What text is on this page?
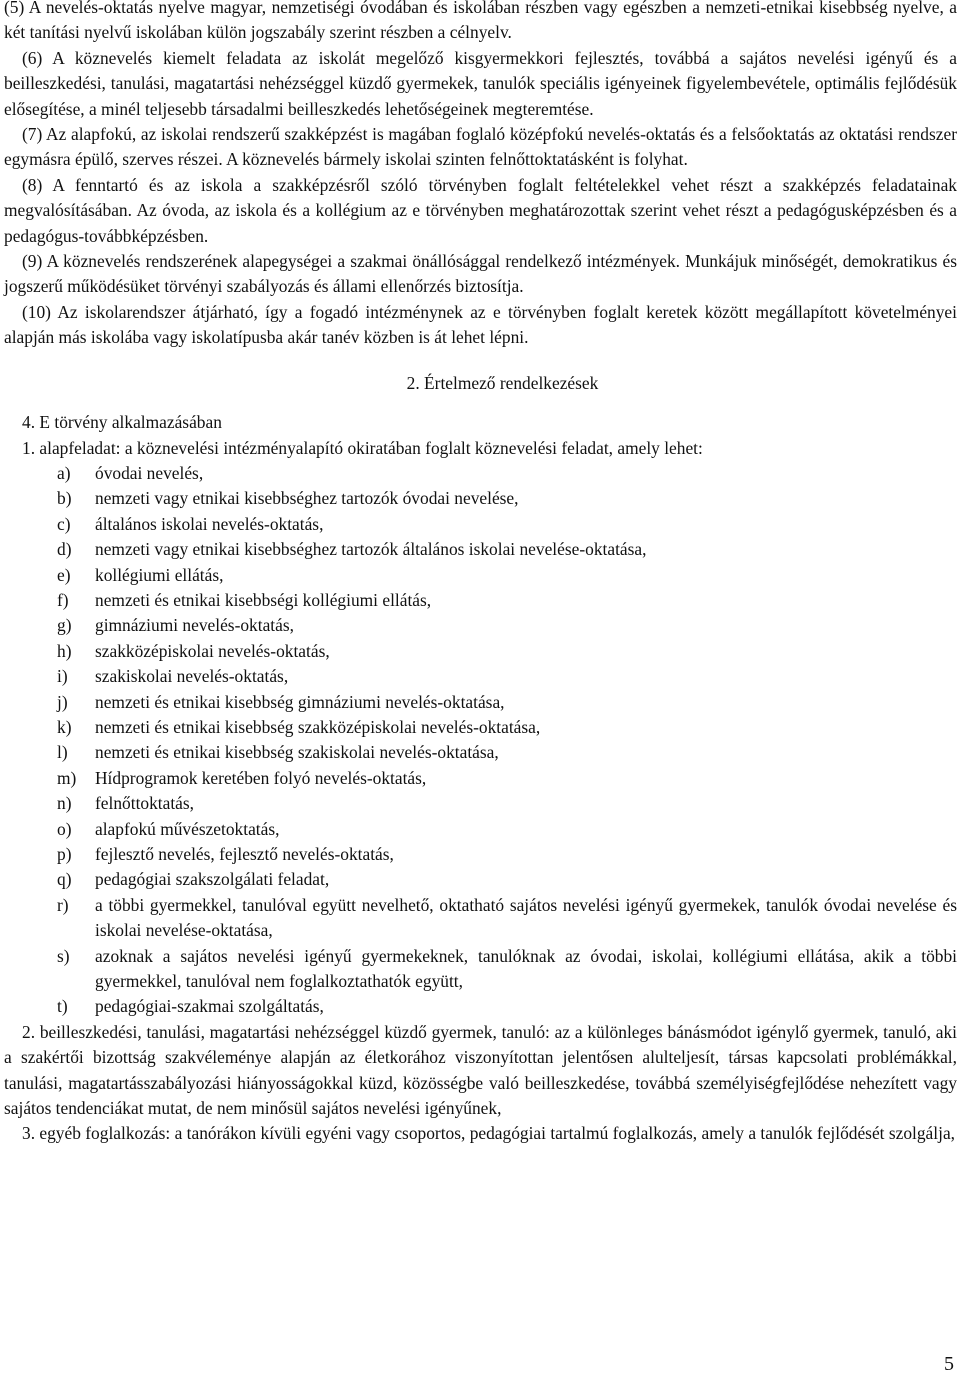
(5) A nevelés-oktatás nyelve magyar, nemzetiségi óvodában és iskolában részben vagy egészben a nemzeti-etnikai kisebbség nyelve, a két tanítási nyelvű iskolában külön jogszabály szerint részben a célnyelv.

(6) A köznevelés kiemelt feladata az iskolát megelőző kisgyermekkori fejlesztés, továbbá a sajátos nevelési igényű és a beilleszkedési, tanulási, magatartási nehézséggel küzdő gyermekek, tanulók speciális igényeinek figyelembevétele, optimális fejlődésük elősegítése, a minél teljesebb társadalmi beilleszkedés lehetőségeinek megteremtése.

(7) Az alapfokú, az iskolai rendszerű szakképzést is magában foglaló középfokú nevelés-oktatás és a felsőoktatás az oktatási rendszer egymásra épülő, szerves részei. A köznevelés bármely iskolai szinten felnőttoktatásként is folyhat.

(8) A fenntartó és az iskola a szakképzésről szóló törvényben foglalt feltételekkel vehet részt a szakképzés feladatainak megvalósításában. Az óvoda, az iskola és a kollégium az e törvényben meghatározottak szerint vehet részt a pedagógusképzésben és a pedagógus-továbbképzésben.

(9) A köznevelés rendszerének alapegységei a szakmai önállósággal rendelkező intézmények. Munkájuk minőségét, demokratikus és jogszerű működésüket törvényi szabályozás és állami ellenőrzés biztosítja.

(10) Az iskolarendszer átjárható, így a fogadó intézménynek az e törvényben foglalt keretek között megállapított követelményei alapján más iskolába vagy iskolatípusba akár tanév közben is át lehet lépni.

2. Értelmező rendelkezések

4. E törvény alkalmazásában

1. alapfeladat: a köznevelési intézményalapító okiratában foglalt köznevelési feladat, amely lehet:

a)	óvodai nevelés,
b)	nemzeti vagy etnikai kisebbséghez tartozók óvodai nevelése,
c)	általános iskolai nevelés-oktatás,
d)	nemzeti vagy etnikai kisebbséghez tartozók általános iskolai nevelése-oktatása,
e)	kollégiumi ellátás,
f)	nemzeti és etnikai kisebbségi kollégiumi ellátás,
g)	gimnáziumi nevelés-oktatás,
h)	szakközépiskolai nevelés-oktatás,
i)	szakiskolai nevelés-oktatás,
j)	nemzeti és etnikai kisebbség gimnáziumi nevelés-oktatása,
k)	nemzeti és etnikai kisebbség szakközépiskolai nevelés-oktatása,
l)	nemzeti és etnikai kisebbség szakiskolai nevelés-oktatása,
m)	Hídprogramok keretében folyó nevelés-oktatás,
n)	felnőttoktatás,
o)	alapfokú művészetoktatás,
p)	fejlesztő nevelés, fejlesztő nevelés-oktatás,
q)	pedagógiai szakszolgálati feladat,
r)	a többi gyermekkel, tanulóval együtt nevelhető, oktatható sajátos nevelési igényű gyermekek, tanulók óvodai nevelése és iskolai nevelése-oktatása,
s)	azoknak a sajátos nevelési igényű gyermekeknek, tanulóknak az óvodai, iskolai, kollégiumi ellátása, akik a többi gyermekkel, tanulóval nem foglalkoztathatók együtt,
t)	pedagógiai-szakmai szolgáltatás,

2. beilleszkedési, tanulási, magatartási nehézséggel küzdő gyermek, tanuló: az a különleges bánásmódot igénylő gyermek, tanuló, aki a szakértői bizottság szakvéleménye alapján az életkorához viszonyítottan jelentősen alulteljesít, társas kapcsolati problémákkal, tanulási, magatartásszabályozási hiányosságokkal küzd, közösségbe való beilleszkedése, továbbá személyiségfejlődése nehezített vagy sajátos tendenciákat mutat, de nem minősül sajátos nevelési igényűnek,

3. egyéb foglalkozás: a tanórákon kívüli egyéni vagy csoportos, pedagógiai tartalmú foglalkozás, amely a tanulók fejlődését szolgálja,

5
